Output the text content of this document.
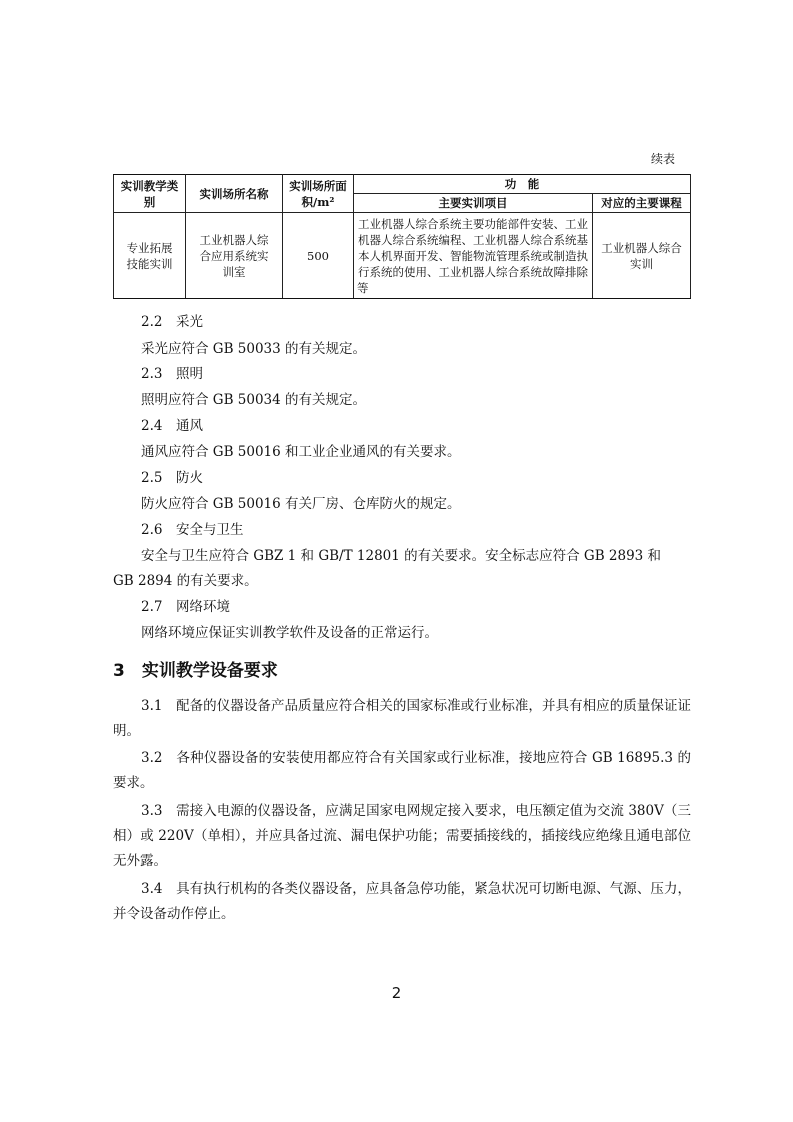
续表
实训教学类别	实训场所名称	实训场所面积/m²	功　能	
			主要实训项目	对应的主要课程
专业拓展技能实训	工业机器人综合应用系统实训室	500	工业机器人综合系统主要功能部件安装、工业机器人综合系统编程、工业机器人综合系统基本人机界面开发、智能物流管理系统或制造执行系统的使用、工业机器人综合系统故障排除等	工业机器人综合实训
2.2　采光
采光应符合 GB 50033 的有关规定。
2.3　照明
照明应符合 GB 50034 的有关规定。
2.4　通风
通风应符合 GB 50016 和工业企业通风的有关要求。
2.5　防火
防火应符合 GB 50016 有关厂房、仓库防火的规定。
2.6　安全与卫生
安全与卫生应符合 GBZ 1 和 GB/T 12801 的有关要求。安全标志应符合 GB 2893 和
GB 2894 的有关要求。
2.7　网络环境
网络环境应保证实训教学软件及设备的正常运行。
3　实训教学设备要求
3.1　配备的仪器设备产品质量应符合相关的国家标准或行业标准，并具有相应的质量保证证明。
3.2　各种仪器设备的安装使用都应符合有关国家或行业标准，接地应符合 GB 16895.3 的要求。
3.3　需接入电源的仪器设备，应满足国家电网规定接入要求，电压额定值为交流 380V（三相）或 220V（单相），并应具备过流、漏电保护功能；需要插接线的，插接线应绝缘且通电部位无外露。
3.4　具有执行机构的各类仪器设备，应具备急停功能，紧急状况可切断电源、气源、压力，并令设备动作停止。
2
